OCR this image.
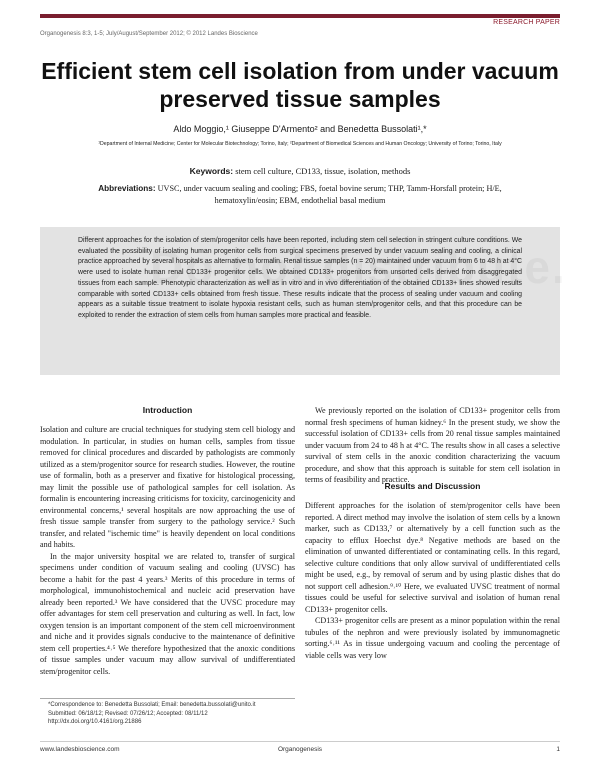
RESEARCH PAPER
Organogenesis 8:3, 1-5; July/August/September 2012; © 2012 Landes Bioscience
Efficient stem cell isolation from under vacuum preserved tissue samples
Aldo Moggio,¹ Giuseppe D'Armento² and Benedetta Bussolati¹,*
¹Department of Internal Medicine; Center for Molecular Biotechnology; Torino, Italy; ²Department of Biomedical Sciences and Human Oncology; University of Torino; Torino, Italy
Keywords: stem cell culture, CD133, tissue, isolation, methods
Abbreviations: UVSC, under vacuum sealing and cooling; FBS, foetal bovine serum; THP, Tamm-Horsfall protein; H/E, hematoxylin/eosin; EBM, endothelial basal medium
Different approaches for the isolation of stem/progenitor cells have been reported, including stem cell selection in stringent culture conditions. We evaluated the possibility of isolating human progenitor cells from surgical specimens preserved by under vacuum sealing and cooling, a clinical practice approached by several hospitals as alternative to formalin. Renal tissue samples (n = 20) maintained under vacuum from 6 to 48 h at 4°C were used to isolate human renal CD133+ progenitor cells. We obtained CD133+ progenitors from unsorted cells derived from disaggregated tissues from each sample. Phenotypic characterization as well as in vitro and in vivo differentiation of the obtained CD133+ lines showed results comparable with sorted CD133+ cells obtained from fresh tissue. These results indicate that the process of sealing under vacuum and cooling appears as a suitable tissue treatment to isolate hypoxia resistant cells, such as human stem/progenitor cells, and that this procedure can be exploited to render the extraction of stem cells from human samples more practical and feasible.
Introduction

Isolation and culture are crucial techniques for studying stem cell biology and modulation. In particular, in studies on human cells, samples from tissue removed for clinical procedures and discarded by pathologists are commonly utilized as a stem/progenitor source for research studies. However, the routine use of formalin, both as a preserver and fixative for histological processing, may limit the possible use of pathological samples for cell isolation. As formalin is encountering increasing criticisms for toxicity, carcinogenicity and environmental concerns,¹ several hospitals are now approaching the use of fresh tissue sample transfer from surgery to the pathology service.² Such transfer, and related "ischemic time" is heavily dependent on local conditions and habits.

In the major university hospital we are related to, transfer of surgical specimens under condition of vacuum sealing and cooling (UVSC) has become a habit for the past 4 years.³ Merits of this procedure in terms of morphological, immunohistochemical and nucleic acid preservation have already been reported.³ We have considered that the UVSC procedure may offer advantages for stem cell preservation and culturing as well. In fact, low oxygen tension is an important component of the stem cell microenvironment and niche and it provides signals conducive to the maintenance of definitive stem cell properties.⁴˒⁵ We therefore hypothesized that the anoxic conditions of tissue samples under vacuum may allow survival of undifferentiated stem/progenitor cells.

We previously reported on the isolation of CD133+ progenitor cells from normal fresh specimens of human kidney.⁶ In the present study, we show the successful isolation of CD133+ cells from 20 renal tissue samples maintained under vacuum from 24 to 48 h at 4°C. The results show in all cases a selective survival of stem cells in the anoxic condition characterizing the vacuum procedure, and show that this approach is suitable for stem cell isolation in terms of feasibility and practice.

Results and Discussion

Different approaches for the isolation of stem/progenitor cells have been reported. A direct method may involve the isolation of stem cells by a known marker, such as CD133,⁷ or alternatively by a cell function such as the capacity to efflux Hoechst dye.⁸ Negative methods are based on the elimination of unwanted differentiated or contaminating cells. In this regard, selective culture conditions that only allow survival of undifferentiated cells might be used, e.g., by removal of serum and by using plastic dishes that do not support cell adhesion.⁹˒¹⁰ Here, we evaluated UVSC treatment of normal tissues could be useful for selective survival and isolation of human renal CD133+ progenitor cells.

CD133+ progenitor cells are present as a minor population within the renal tubules of the nephron and were previously isolated by immunomagnetic sorting.⁶˒¹¹ As in tissue undergoing vacuum and cooling the percentage of viable cells was very low

*Correspondence to: Benedetta Bussolati; Email: benedetta.bussolati@unito.it
Submitted: 06/18/12; Revised: 07/26/12; Accepted: 08/11/12
http://dx.doi.org/10.4161/org.21886
www.landesbioscience.com	Organogenesis	1
